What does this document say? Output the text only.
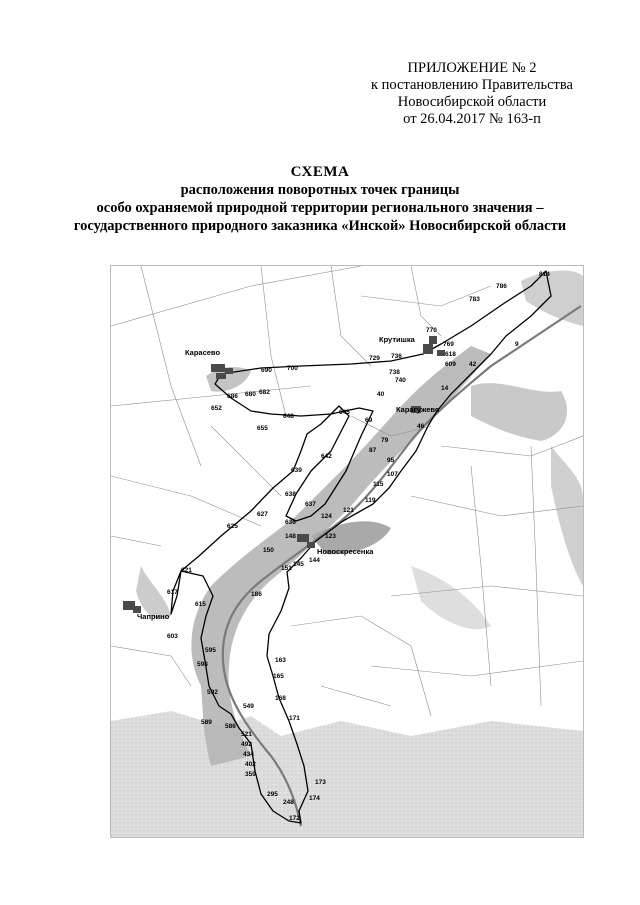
ПРИЛОЖЕНИЕ № 2
к постановлению Правительства
Новосибирской области
от 26.04.2017 № 163-п
СХЕМА
расположения поворотных точек границы
особо охраняемой природной территории регионального значения –
государственного природного заказника «Инской» Новосибирской области
Карасево
Крутишка
Карагужево
Новоскресенка
Чаприно
814
786
783
770
769	9
618
609 42
729 736
738
740
14
40
690 700
680 682
686
652
648
645
655
69
46
79
87
95
107
115
119
642
639
638
627
637
625
636
121
124
148	123
150
145
144
151
621
617
615
186
603
595
598
163
592
165
168
549
171
589
586
521
492
434
402
359
173
295
248
174
172
